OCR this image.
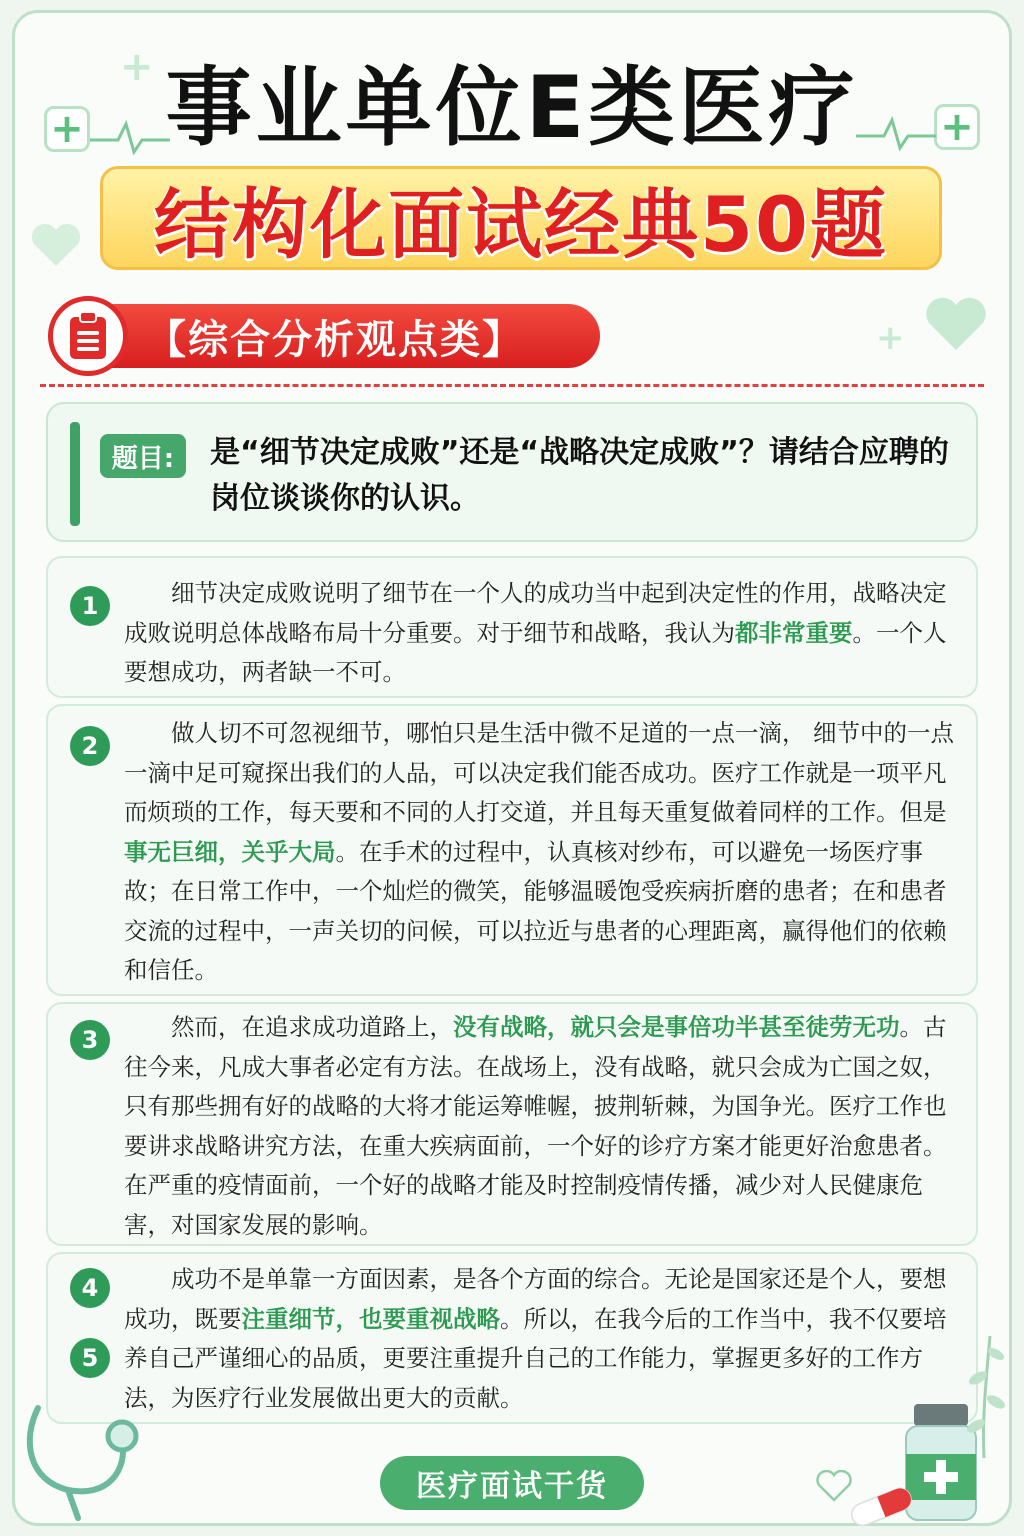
+	+
+
+
事业单位E类医疗
结构化面试经典50题
【综合分析观点类】
题目:	是“细节决定成败”还是“战略决定成败”？请结合应聘的岗位谈谈你的认识。
1	细节决定成败说明了细节在一个人的成功当中起到决定性的作用，战略决定成败说明总体战略布局十分重要。对于细节和战略，我认为都非常重要。一个人要想成功，两者缺一不可。
2	做人切不可忽视细节，哪怕只是生活中微不足道的一点一滴， 细节中的一点一滴中足可窥探出我们的人品，可以决定我们能否成功。医疗工作就是一项平凡而烦琐的工作，每天要和不同的人打交道，并且每天重复做着同样的工作。但是事无巨细，关乎大局。在手术的过程中，认真核对纱布，可以避免一场医疗事故；在日常工作中，一个灿烂的微笑，能够温暖饱受疾病折磨的患者；在和患者交流的过程中，一声关切的问候，可以拉近与患者的心理距离，赢得他们的依赖和信任。
3	然而，在追求成功道路上，没有战略，就只会是事倍功半甚至徒劳无功。古往今来，凡成大事者必定有方法。在战场上，没有战略，就只会成为亡国之奴，只有那些拥有好的战略的大将才能运筹帷幄，披荆斩棘，为国争光。医疗工作也要讲求战略讲究方法，在重大疾病面前，一个好的诊疗方案才能更好治愈患者。在严重的疫情面前，一个好的战略才能及时控制疫情传播，减少对人民健康危害，对国家发展的影响。
4
5
成功不是单靠一方面因素，是各个方面的综合。无论是国家还是个人，要想成功，既要注重细节，也要重视战略。所以，在我今后的工作当中，我不仅要培养自己严谨细心的品质，更要注重提升自己的工作能力，掌握更多好的工作方法，为医疗行业发展做出更大的贡献。
医疗面试干货
